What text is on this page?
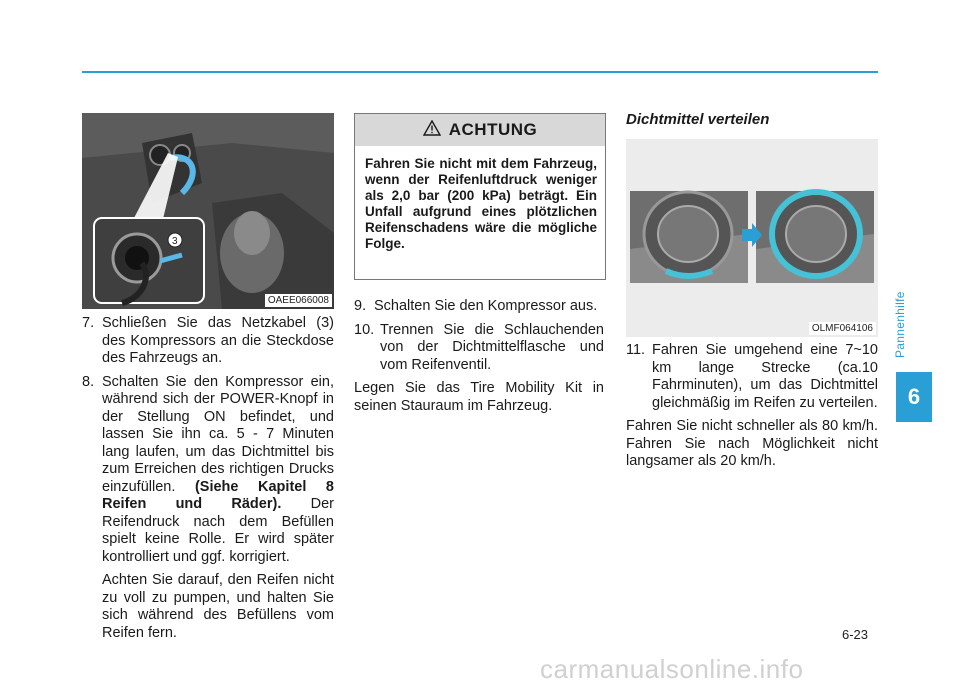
Pannenhilfe
6
3
OAEE066008
7. Schließen Sie das Netzkabel (3) des Kompressors an die Steckdose des Fahrzeugs an.
8. Schalten Sie den Kompressor ein, während sich der POWER-Knopf in der Stellung ON befindet, und lassen Sie ihn ca. 5 - 7 Minuten lang laufen, um das Dichtmittel bis zum Erreichen des richtigen Drucks einzufüllen. (Siehe Kapitel 8 Reifen und Räder). Der Reifendruck nach dem Befüllen spielt keine Rolle. Er wird später kontrolliert und ggf. korrigiert.
Achten Sie darauf, den Reifen nicht zu voll zu pumpen, und halten Sie sich während des Befüllens vom Reifen fern.
ACHTUNG
Fahren Sie nicht mit dem Fahrzeug, wenn der Reifenluftdruck weniger als 2,0 bar (200 kPa) beträgt. Ein Unfall aufgrund eines plötzlichen Reifenschadens wäre die mögliche Folge.
9. Schalten Sie den Kompressor aus.
10. Trennen Sie die Schlauchenden von der Dichtmittelflasche und vom Reifenventil.
Legen Sie das Tire Mobility Kit in seinen Stauraum im Fahrzeug.
Dichtmittel verteilen
OLMF064106
11. Fahren Sie umgehend eine 7~10 km lange Strecke (ca.10 Fahrminuten), um das Dichtmittel gleichmäßig im Reifen zu verteilen.
Fahren Sie nicht schneller als 80 km/h. Fahren Sie nach Möglichkeit nicht langsamer als 20 km/h.
6-23
carmanualsonline.info
